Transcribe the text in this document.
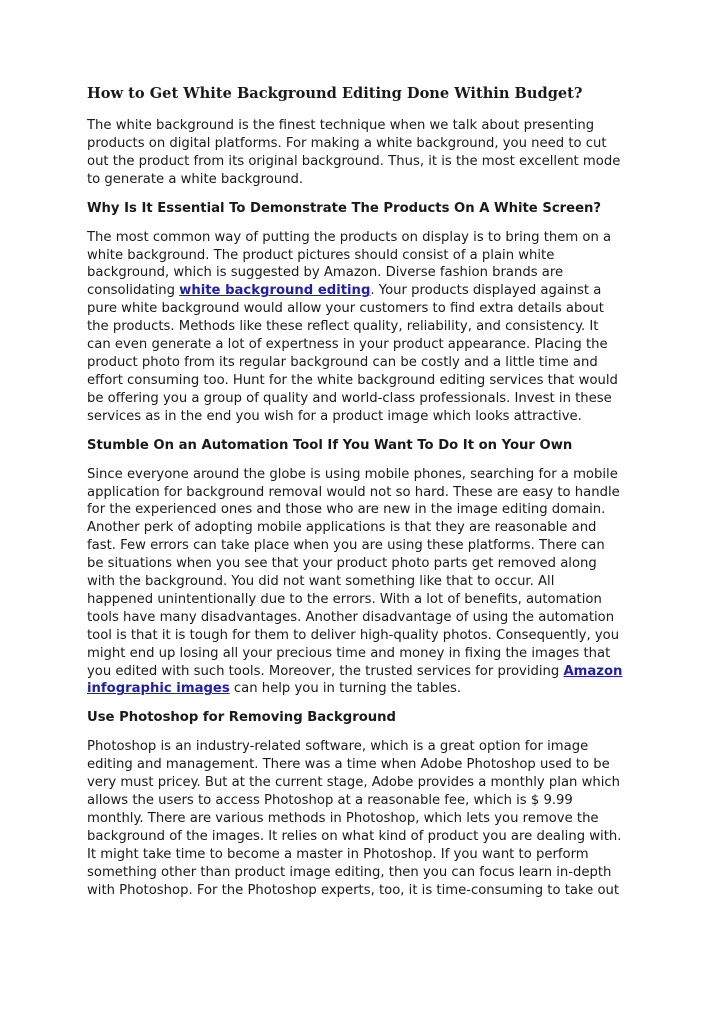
How to Get White Background Editing Done Within Budget?

The white background is the finest technique when we talk about presenting
products on digital platforms. For making a white background, you need to cut
out the product from its original background. Thus, it is the most excellent mode
to generate a white background.

Why Is It Essential To Demonstrate The Products On A White Screen?

The most common way of putting the products on display is to bring them on a
white background. The product pictures should consist of a plain white
background, which is suggested by Amazon. Diverse fashion brands are
consolidating white background editing. Your products displayed against a
pure white background would allow your customers to find extra details about
the products. Methods like these reflect quality, reliability, and consistency. It
can even generate a lot of expertness in your product appearance. Placing the
product photo from its regular background can be costly and a little time and
effort consuming too. Hunt for the white background editing services that would
be offering you a group of quality and world-class professionals. Invest in these
services as in the end you wish for a product image which looks attractive.

Stumble On an Automation Tool If You Want To Do It on Your Own

Since everyone around the globe is using mobile phones, searching for a mobile
application for background removal would not so hard. These are easy to handle
for the experienced ones and those who are new in the image editing domain.
Another perk of adopting mobile applications is that they are reasonable and
fast. Few errors can take place when you are using these platforms. There can
be situations when you see that your product photo parts get removed along
with the background. You did not want something like that to occur. All
happened unintentionally due to the errors. With a lot of benefits, automation
tools have many disadvantages. Another disadvantage of using the automation
tool is that it is tough for them to deliver high-quality photos. Consequently, you
might end up losing all your precious time and money in fixing the images that
you edited with such tools. Moreover, the trusted services for providing Amazon
infographic images can help you in turning the tables.

Use Photoshop for Removing Background

Photoshop is an industry-related software, which is a great option for image
editing and management. There was a time when Adobe Photoshop used to be
very must pricey. But at the current stage, Adobe provides a monthly plan which
allows the users to access Photoshop at a reasonable fee, which is $ 9.99
monthly. There are various methods in Photoshop, which lets you remove the
background of the images. It relies on what kind of product you are dealing with.
It might take time to become a master in Photoshop. If you want to perform
something other than product image editing, then you can focus learn in-depth
with Photoshop. For the Photoshop experts, too, it is time-consuming to take out
